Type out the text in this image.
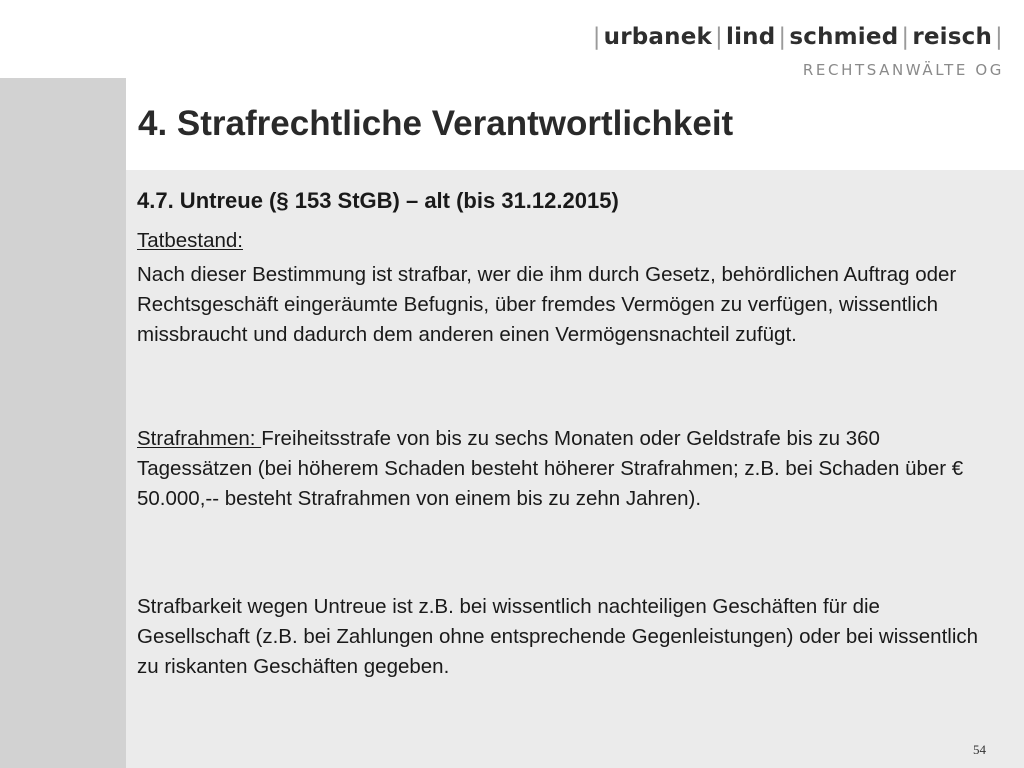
| urbanek | lind | schmied | reisch |
RECHTSANWÄLTE OG
4. Strafrechtliche Verantwortlichkeit

4.7. Untreue (§ 153 StGB) – alt (bis 31.12.2015)

Tatbestand:

Nach dieser Bestimmung ist strafbar, wer die ihm durch Gesetz, behördlichen Auftrag oder Rechtsgeschäft eingeräumte Befugnis, über fremdes Vermögen zu verfügen, wissentlich missbraucht und dadurch dem anderen einen Vermögensnachteil zufügt.

Strafrahmen: Freiheitsstrafe von bis zu sechs Monaten oder Geldstrafe bis zu 360 Tagessätzen (bei höherem Schaden besteht höherer Strafrahmen; z.B. bei Schaden über € 50.000,-- besteht Strafrahmen von einem bis zu zehn Jahren).

Strafbarkeit wegen Untreue ist z.B. bei wissentlich nachteiligen Geschäften für die Gesellschaft (z.B. bei Zahlungen ohne entsprechende Gegenleistungen) oder bei wissentlich zu riskanten Geschäften gegeben.

54
